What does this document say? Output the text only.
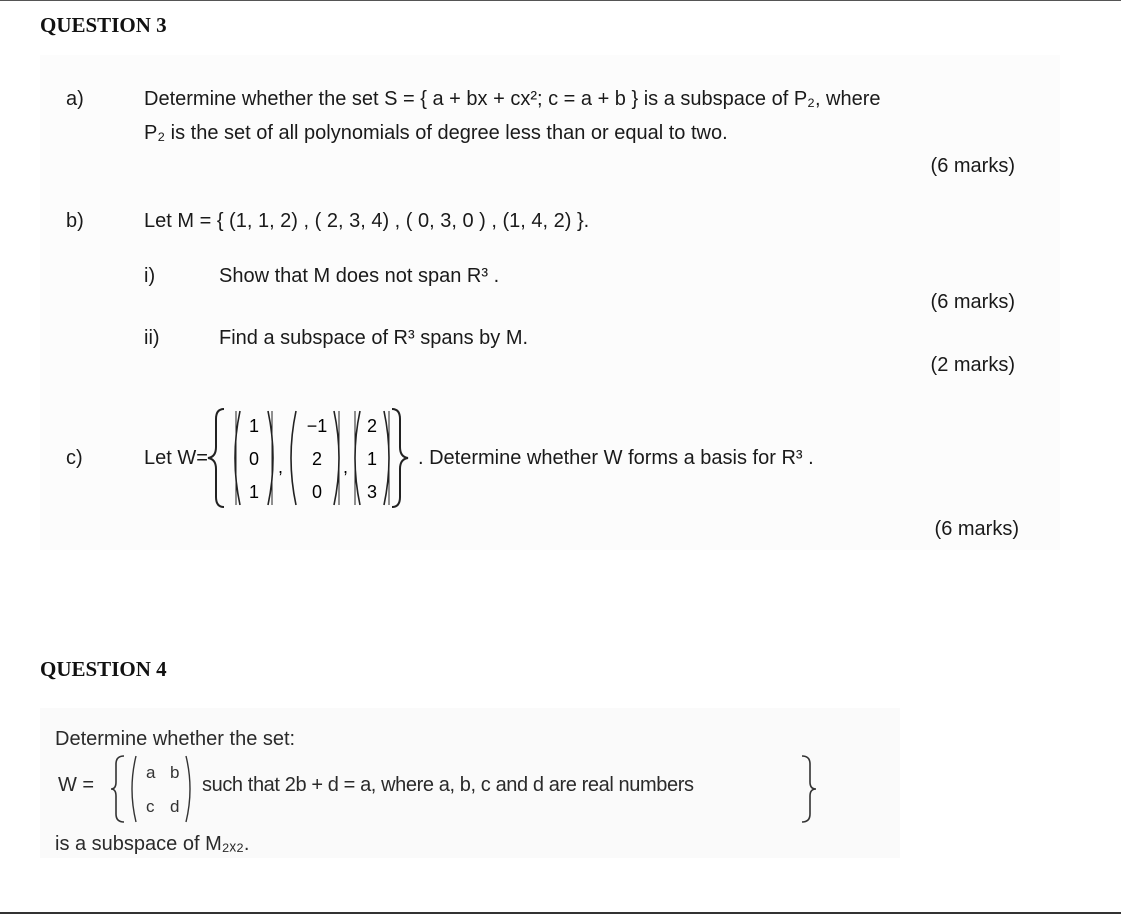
QUESTION 3
a)	Determine whether the set S = { a + bx + cx²; c = a + b } is a subspace of P₂, where
P₂ is the set of all polynomials of degree less than or equal to two.
(6 marks)
b)	Let M = { (1, 1, 2) , ( 2, 3, 4) , ( 0, 3, 0 ) , (1, 4, 2) }.
i)	Show that M does not span R³ .
(6 marks)
ii)	Find a subspace of R³ spans by M.
(2 marks)
c)	Let W=
1
0
1
,
−1
2
0
,
2
1
3
. Determine whether W forms a basis for R³ .
(6 marks)
QUESTION 4
Determine whether the set:
W =
a b
c d
such that 2b + d = a, where a, b, c and d are real numbers
is a subspace of M₂ₓ₂.
